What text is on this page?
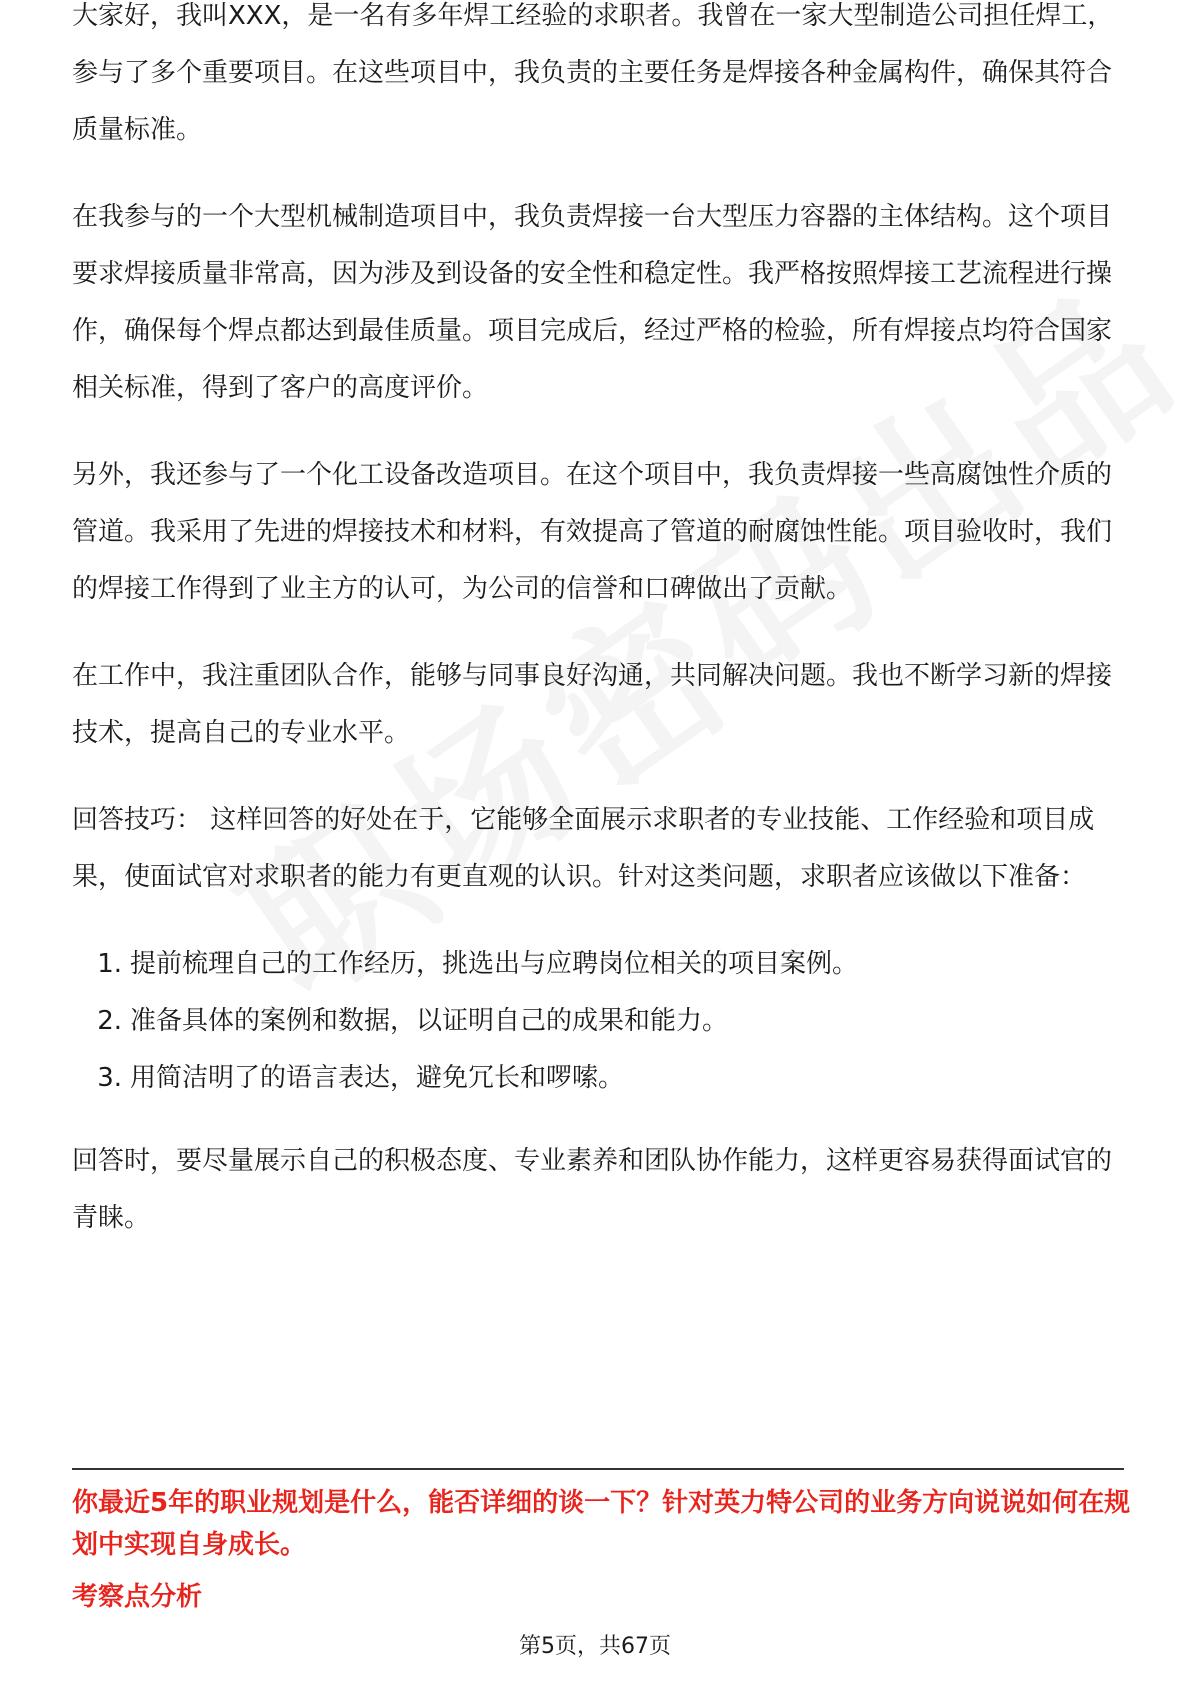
大家好，我叫XXX，是一名有多年焊工经验的求职者。我曾在一家大型制造公司担任焊工，参与了多个重要项目。在这些项目中，我负责的主要任务是焊接各种金属构件，确保其符合质量标准。

在我参与的一个大型机械制造项目中，我负责焊接一台大型压力容器的主体结构。这个项目要求焊接质量非常高，因为涉及到设备的安全性和稳定性。我严格按照焊接工艺流程进行操作，确保每个焊点都达到最佳质量。项目完成后，经过严格的检验，所有焊接点均符合国家相关标准，得到了客户的高度评价。

另外，我还参与了一个化工设备改造项目。在这个项目中，我负责焊接一些高腐蚀性介质的管道。我采用了先进的焊接技术和材料，有效提高了管道的耐腐蚀性能。项目验收时，我们的焊接工作得到了业主方的认可，为公司的信誉和口碑做出了贡献。

在工作中，我注重团队合作，能够与同事良好沟通，共同解决问题。我也不断学习新的焊接技术，提高自己的专业水平。

回答技巧： 这样回答的好处在于，它能够全面展示求职者的专业技能、工作经验和项目成果，使面试官对求职者的能力有更直观的认识。针对这类问题，求职者应该做以下准备：

1. 提前梳理自己的工作经历，挑选出与应聘岗位相关的项目案例。
2. 准备具体的案例和数据，以证明自己的成果和能力。
3. 用简洁明了的语言表达，避免冗长和啰嗦。

回答时，要尽量展示自己的积极态度、专业素养和团队协作能力，这样更容易获得面试官的青睐。

你最近5年的职业规划是什么，能否详细的谈一下？针对英力特公司的业务方向说说如何在规划中实现自身成长。
考察点分析
第5页，共67页
